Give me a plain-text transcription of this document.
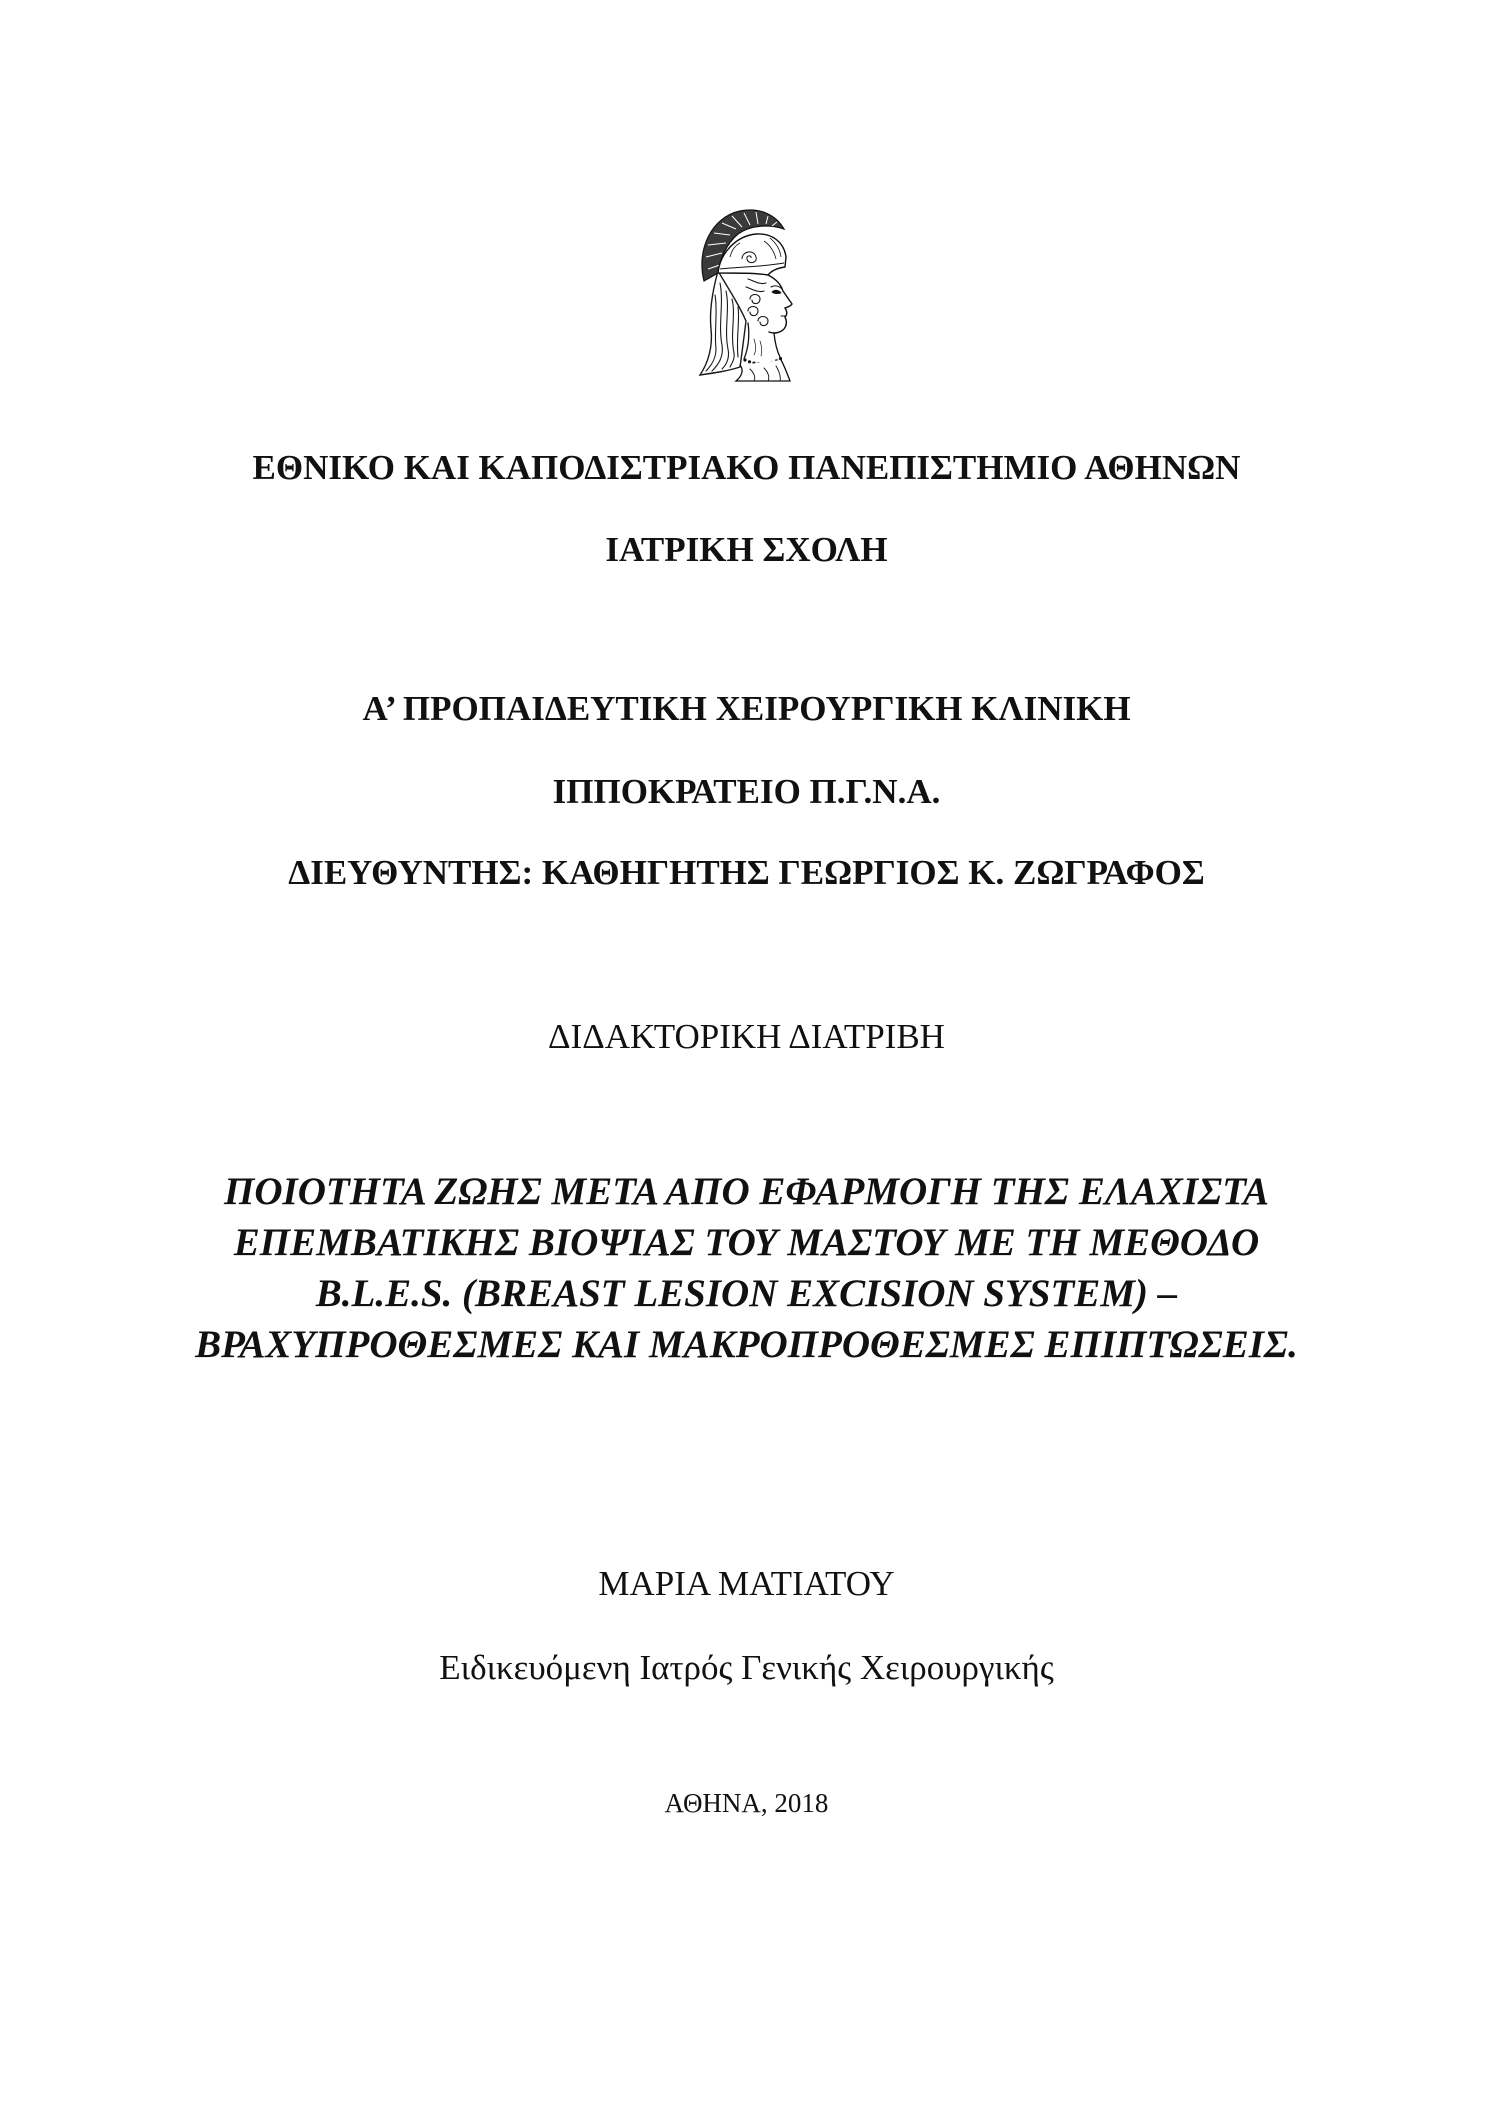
ΕΘΝΙΚΟ ΚΑΙ ΚΑΠΟΔΙΣΤΡΙΑΚΟ ΠΑΝΕΠΙΣΤΗΜΙΟ ΑΘΗΝΩΝ
ΙΑΤΡΙΚΗ ΣΧΟΛΗ
Α’ ΠΡΟΠΑΙΔΕΥΤΙΚΗ ΧΕΙΡΟΥΡΓΙΚΗ ΚΛΙΝΙΚΗ
ΙΠΠΟΚΡΑΤΕΙΟ Π.Γ.Ν.Α.
ΔΙΕΥΘΥΝΤΗΣ: ΚΑΘΗΓΗΤΗΣ ΓΕΩΡΓΙΟΣ Κ. ΖΩΓΡΑΦΟΣ
ΔΙΔΑΚΤΟΡΙΚΗ ΔΙΑΤΡΙΒΗ
ΠΟΙΟΤΗΤΑ ΖΩΗΣ ΜΕΤΑ ΑΠΟ ΕΦΑΡΜΟΓΗ ΤΗΣ ΕΛΑΧΙΣΤΑ
ΕΠΕΜΒΑΤΙΚΗΣ ΒΙΟΨΙΑΣ ΤΟΥ ΜΑΣΤΟΥ ΜΕ ΤΗ ΜΕΘΟΔΟ
B.L.E.S. (BREAST LESION EXCISION SYSTEM) –
ΒΡΑΧΥΠΡΟΘΕΣΜΕΣ ΚΑΙ ΜΑΚΡΟΠΡΟΘΕΣΜΕΣ ΕΠΙΠΤΩΣΕΙΣ.
ΜΑΡΙΑ ΜΑΤΙΑΤΟΥ
Ειδικευόμενη Ιατρός Γενικής Χειρουργικής
ΑΘΗΝΑ, 2018
